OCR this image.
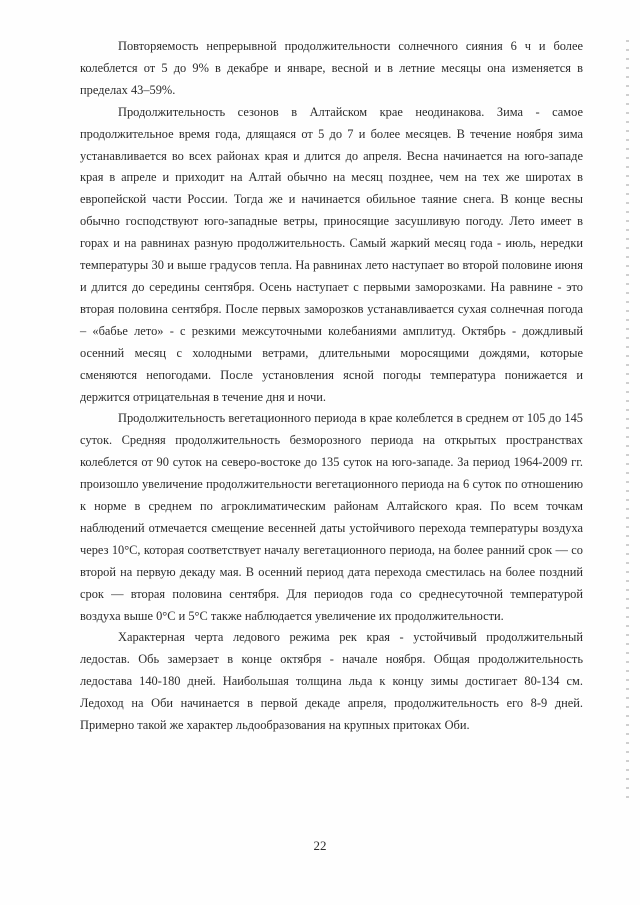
Повторяемость непрерывной продолжительности солнечного сияния 6 ч и более колеблется от 5 до 9% в декабре и январе, весной и в летние месяцы она изменяется в пределах 43–59%.

Продолжительность сезонов в Алтайском крае неодинакова. Зима - самое продолжительное время года, длящаяся от 5 до 7 и более месяцев. В течение ноября зима устанавливается во всех районах края и длится до апреля. Весна начинается на юго-западе края в апреле и приходит на Алтай обычно на месяц позднее, чем на тех же широтах в европейской части России. Тогда же и начинается обильное таяние снега. В конце весны обычно господствуют юго-западные ветры, приносящие засушливую погоду. Лето имеет в горах и на равнинах разную продолжительность. Самый жаркий месяц года - июль, нередки температуры 30 и выше градусов тепла. На равнинах лето наступает во второй половине июня и длится до середины сентября. Осень наступает с первыми заморозками. На равнине - это вторая половина сентября. После первых заморозков устанавливается сухая солнечная погода – «бабье лето» - с резкими межсуточными колебаниями амплитуд. Октябрь - дождливый осенний месяц с холодными ветрами, длительными моросящими дождями, которые сменяются непогодами. После установления ясной погоды температура понижается и держится отрицательная в течение дня и ночи.

Продолжительность вегетационного периода в крае колеблется в среднем от 105 до 145 суток. Средняя продолжительность безморозного периода на открытых пространствах колеблется от 90 суток на северо-востоке до 135 суток на юго-западе. За период 1964-2009 гг. произошло увеличение продолжительности вегетационного периода на 6 суток по отношению к норме в среднем по агроклиматическим районам Алтайского края. По всем точкам наблюдений отмечается смещение весенней даты устойчивого перехода температуры воздуха через 10°С, которая соответствует началу вегетационного периода, на более ранний срок — со второй на первую декаду мая. В осенний период дата перехода сместилась на более поздний срок — вторая половина сентября. Для периодов года со среднесуточной температурой воздуха выше 0°С и 5°С также наблюдается увеличение их продолжительности.

Характерная черта ледового режима рек края - устойчивый продолжительный ледостав. Обь замерзает в конце октября - начале ноября. Общая продолжительность ледостава 140-180 дней. Наибольшая толщина льда к концу зимы достигает 80-134 см. Ледоход на Оби начинается в первой декаде апреля, продолжительность его 8-9 дней. Примерно такой же характер льдообразования на крупных притоках Оби.

22
